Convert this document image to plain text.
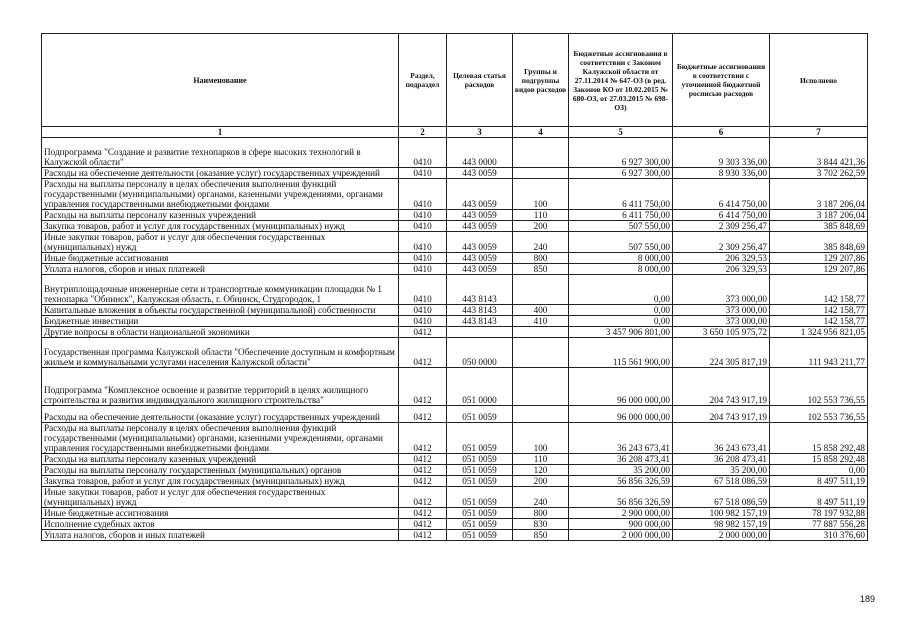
Наименование	Раздел, подраздел	Целевая статья расходов	Группы и подгруппы видов расходов	Бюджетные ассигнования в соответствии с Законом Калужской области от 27.11.2014 № 647-ОЗ (в ред. Законов КО от 10.02.2015 № 680-ОЗ, от 27.03.2015 № 698-ОЗ)	Бюджетные ассигнования в соответствии с уточненной бюджетной росписью расходов	Исполнено
1	2	3	4	5	6	7
Подпрограмма "Создание и развитие технопарков в сфере высоких технологий в Калужской области"	0410	443 0000		6 927 300,00	9 303 336,00	3 844 421,36
Расходы на обеспечение деятельности (оказание услуг) государственных учреждений	0410	443 0059		6 927 300,00	8 930 336,00	3 702 262,59
Расходы на выплаты персоналу в целях обеспечения выполнения функций государственными (муниципальными) органами, казенными учреждениями, органами управления государственными внебюджетными фондами	0410	443 0059	100	6 411 750,00	6 414 750,00	3 187 206,04
Расходы на выплаты персоналу казенных учреждений	0410	443 0059	110	6 411 750,00	6 414 750,00	3 187 206,04
Закупка товаров, работ и услуг для государственных (муниципальных) нужд	0410	443 0059	200	507 550,00	2 309 256,47	385 848,69
Иные закупки товаров, работ и услуг для обеспечения государственных (муниципальных) нужд	0410	443 0059	240	507 550,00	2 309 256,47	385 848,69
Иные бюджетные ассигнования	0410	443 0059	800	8 000,00	206 329,53	129 207,86
Уплата налогов, сборов и иных платежей	0410	443 0059	850	8 000,00	206 329,53	129 207,86
Внутриплощадочные инженерные сети и транспортные коммуникации площадки № 1 технопарка "Обнинск", Калужская область, г. Обнинск, Студгородок, 1	0410	443 8143		0,00	373 000,00	142 158,77
Капитальные вложения в объекты государственной (муниципальной) собственности	0410	443 8143	400	0,00	373 000,00	142 158,77
Бюджетные инвестиции	0410	443 8143	410	0,00	373 000,00	142 158,77
Другие вопросы в области национальной экономики	0412			3 457 906 801,00	3 650 105 975,72	1 324 956 821,05
Государственная программа Калужской области "Обеспечение доступным и комфортным жильем и коммунальными услугами населения Калужской области"	0412	050 0000		115 561 900,00	224 305 817,19	111 943 211,77
Подпрограмма "Комплексное освоение и развитие территорий в целях жилищного строительства и развития индивидуального жилищного строительства"	0412	051 0000		96 000 000,00	204 743 917,19	102 553 736,55
Расходы на обеспечение деятельности (оказание услуг) государственных учреждений	0412	051 0059		96 000 000,00	204 743 917,19	102 553 736,55
Расходы на выплаты персоналу в целях обеспечения выполнения функций государственными (муниципальными) органами, казенными учреждениями, органами управления государственными внебюджетными фондами	0412	051 0059	100	36 243 673,41	36 243 673,41	15 858 292,48
Расходы на выплаты персоналу казенных учреждений	0412	051 0059	110	36 208 473,41	36 208 473,41	15 858 292,48
Расходы на выплаты персоналу государственных (муниципальных) органов	0412	051 0059	120	35 200,00	35 200,00	0,00
Закупка товаров, работ и услуг для государственных (муниципальных) нужд	0412	051 0059	200	56 856 326,59	67 518 086,59	8 497 511,19
Иные закупки товаров, работ и услуг для обеспечения государственных (муниципальных) нужд	0412	051 0059	240	56 856 326,59	67 518 086,59	8 497 511,19
Иные бюджетные ассигнования	0412	051 0059	800	2 900 000,00	100 982 157,19	78 197 932,88
Исполнение судебных актов	0412	051 0059	830	900 000,00	98 982 157,19	77 887 556,28
Уплата налогов, сборов и иных платежей	0412	051 0059	850	2 000 000,00	2 000 000,00	310 376,60
189
